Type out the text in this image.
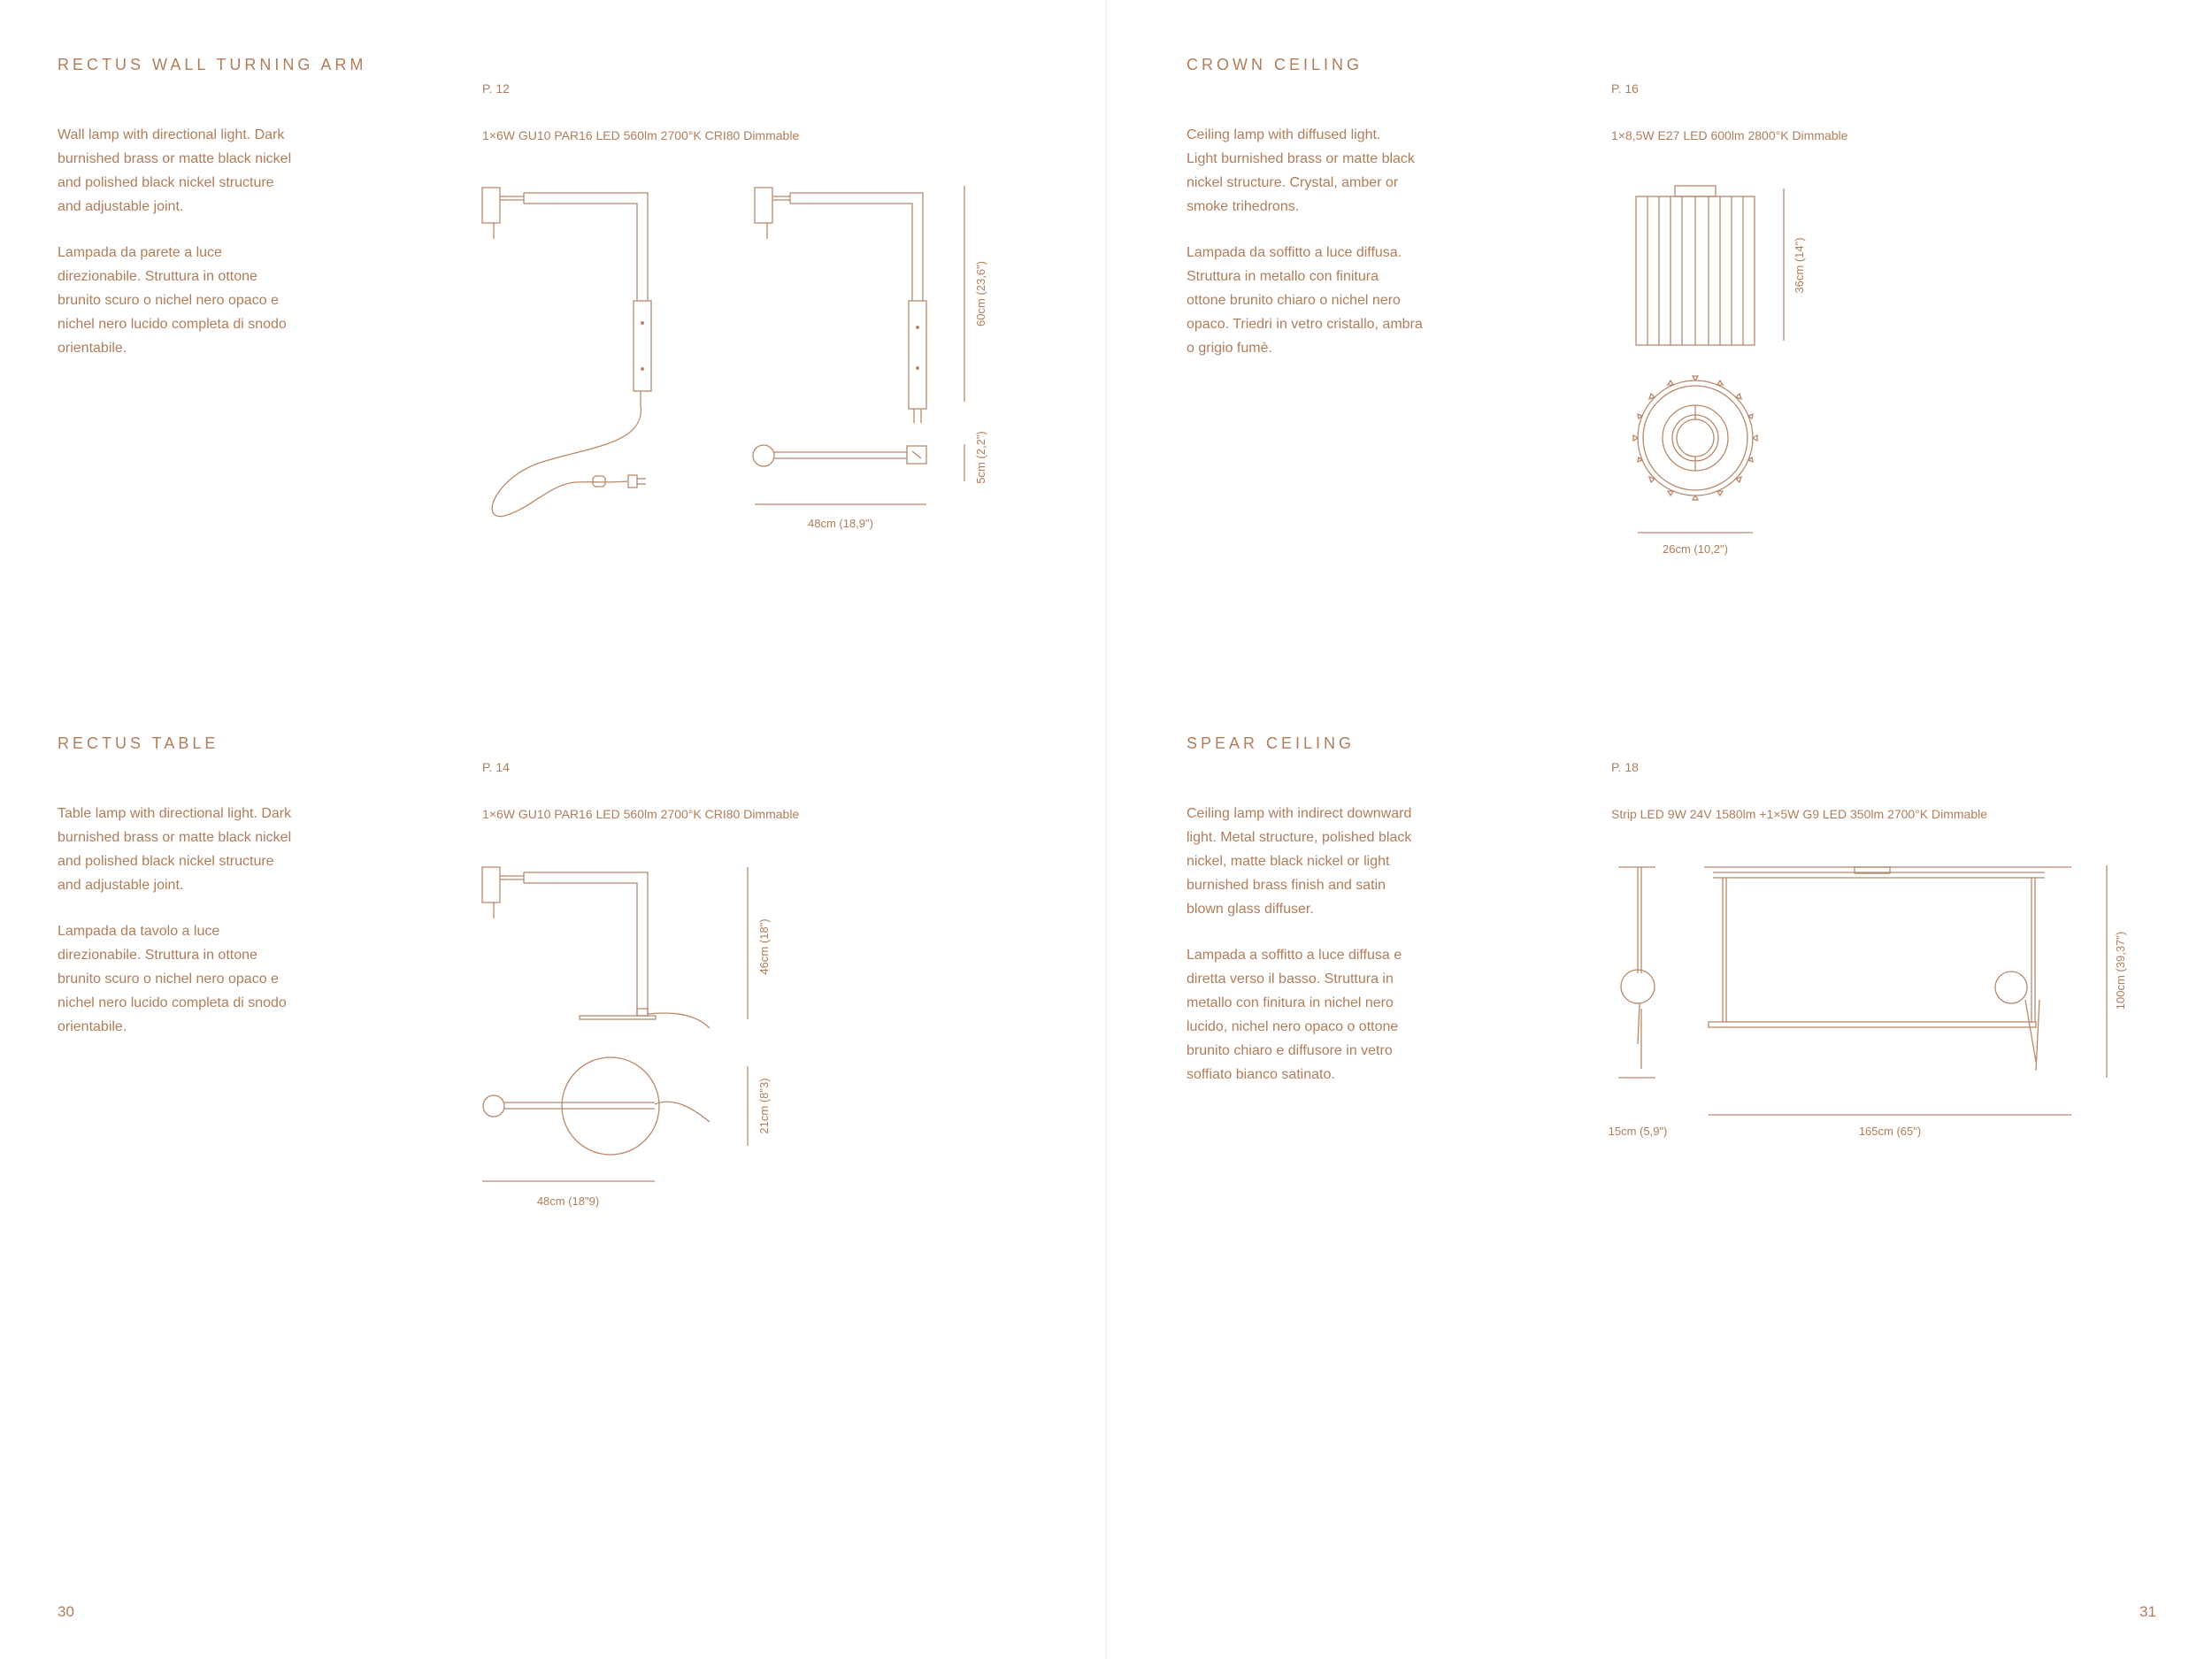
RECTUS WALL TURNING ARM
P. 12

Wall lamp with directional light. Dark
burnished brass or matte black nickel
and polished black nickel structure
and adjustable joint.

Lampada da parete a luce
direzionabile. Struttura in ottone
brunito scuro o nichel nero opaco e
nichel nero lucido completa di snodo
orientabile.

1×6W GU10 PAR16 LED 560lm 2700°K CRI80 Dimmable
60cm (23,6")
5cm (2,2")
48cm (18,9")
RECTUS TABLE
P. 14

Table lamp with directional light. Dark
burnished brass or matte black nickel
and polished black nickel structure
and adjustable joint.

Lampada da tavolo a luce
direzionabile. Struttura in ottone
brunito scuro o nichel nero opaco e
nichel nero lucido completa di snodo
orientabile.

1×6W GU10 PAR16 LED 560lm 2700°K CRI80 Dimmable
46cm (18")
21cm (8"3)
48cm (18"9)
30
CROWN CEILING
P. 16

Ceiling lamp with diffused light.
Light burnished brass or matte black
nickel structure. Crystal, amber or
smoke trihedrons.

Lampada da soffitto a luce diffusa.
Struttura in metallo con finitura
ottone brunito chiaro o nichel nero
opaco. Triedri in vetro cristallo, ambra
o grigio fumè.

1×8,5W E27 LED 600lm 2800°K Dimmable
36cm (14")
26cm (10,2")
SPEAR CEILING
P. 18

Ceiling lamp with indirect downward
light. Metal structure, polished black
nickel, matte black nickel or light
burnished brass finish and satin
blown glass diffuser.

Lampada a soffitto a luce diffusa e
diretta verso il basso. Struttura in
metallo con finitura in nichel nero
lucido, nichel nero opaco o ottone
brunito chiaro e diffusore in vetro
soffiato bianco satinato.

Strip LED 9W 24V 1580lm +1×5W G9 LED 350lm 2700°K Dimmable
15cm (5,9")
100cm (39,37")
165cm (65")
31
